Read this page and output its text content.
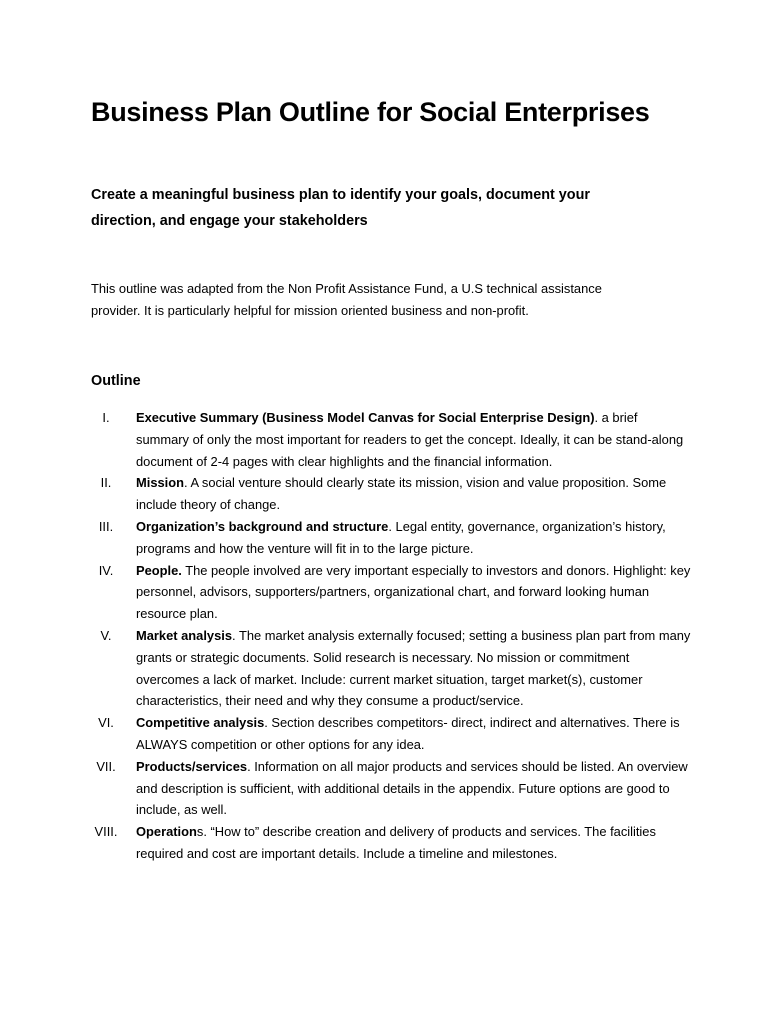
Business Plan Outline for Social Enterprises

Create a meaningful business plan to identify your goals, document your direction, and engage your stakeholders

This outline was adapted from the Non Profit Assistance Fund, a U.S technical assistance provider. It is particularly helpful for mission oriented business and non-profit.

Outline
I.	Executive Summary (Business Model Canvas for Social Enterprise Design). a brief summary of only the most important for readers to get the concept. Ideally, it can be stand-along document of 2-4 pages with clear highlights and the financial information.
II.	Mission. A social venture should clearly state its mission, vision and value proposition. Some include theory of change.
III.	Organization’s background and structure. Legal entity, governance, organization’s history, programs and how the venture will fit in to the large picture.
IV.	People. The people involved are very important especially to investors and donors. Highlight: key personnel, advisors, supporters/partners, organizational chart, and forward looking human resource plan.
V.	Market analysis. The market analysis externally focused; setting a business plan part from many grants or strategic documents. Solid research is necessary. No mission or commitment overcomes a lack of market. Include: current market situation, target market(s), customer characteristics, their need and why they consume a product/service.
VI.	Competitive analysis. Section describes competitors- direct, indirect and alternatives. There is ALWAYS competition or other options for any idea.
VII.	Products/services. Information on all major products and services should be listed. An overview and description is sufficient, with additional details in the appendix. Future options are good to include, as well.
VIII. Operations. “How to” describe creation and delivery of products and services. The facilities required and cost are important details. Include a timeline and milestones.
